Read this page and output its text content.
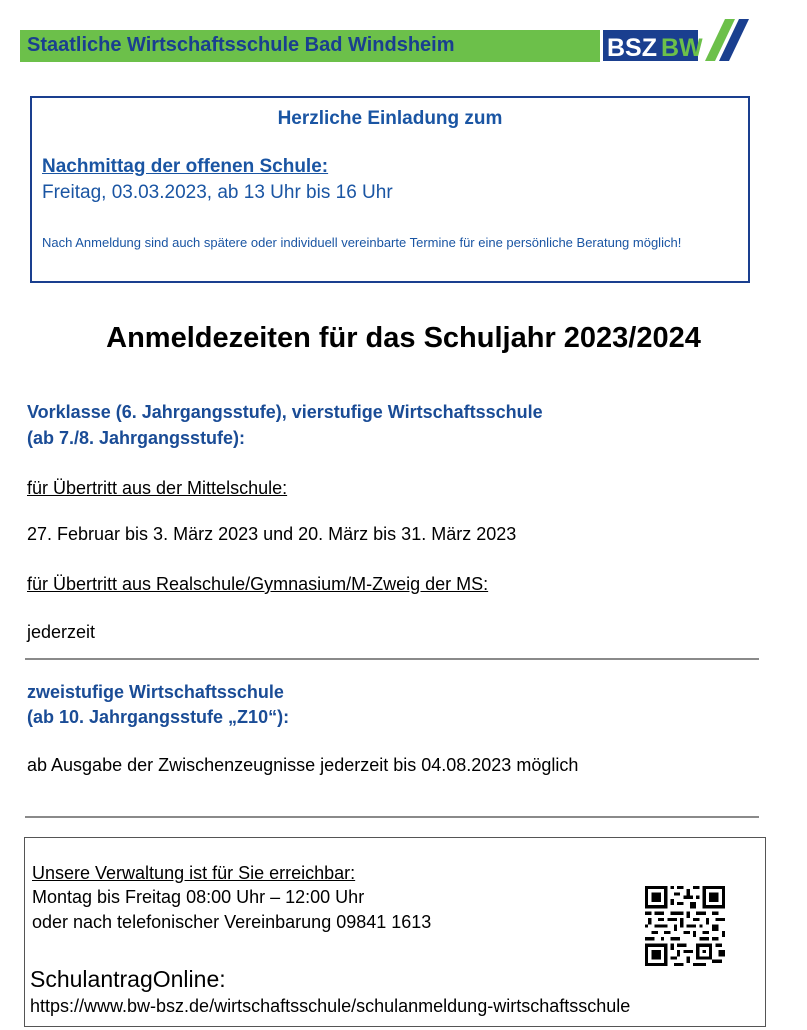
Staatliche Wirtschaftsschule Bad Windsheim	BSZ BW
Herzliche Einladung zum
Nachmittag der offenen Schule:
Freitag, 03.03.2023, ab 13 Uhr bis 16 Uhr
Nach Anmeldung sind auch spätere oder individuell vereinbarte Termine für eine persönliche Beratung möglich!
Anmeldezeiten für das Schuljahr 2023/2024
Vorklasse (6. Jahrgangsstufe), vierstufige Wirtschaftsschule
(ab 7./8. Jahrgangsstufe):
für Übertritt aus der Mittelschule:
27. Februar bis 3. März 2023 und 20. März bis 31. März 2023
für Übertritt aus Realschule/Gymnasium/M-Zweig der MS:
jederzeit
zweistufige Wirtschaftsschule
(ab 10. Jahrgangsstufe „Z10“):
ab Ausgabe der Zwischenzeugnisse jederzeit bis 04.08.2023 möglich
Unsere Verwaltung ist für Sie erreichbar:
Montag bis Freitag 08:00 Uhr – 12:00 Uhr
oder nach telefonischer Vereinbarung 09841 1613
SchulantragOnline:
https://www.bw-bsz.de/wirtschaftsschule/schulanmeldung-wirtschaftsschule
